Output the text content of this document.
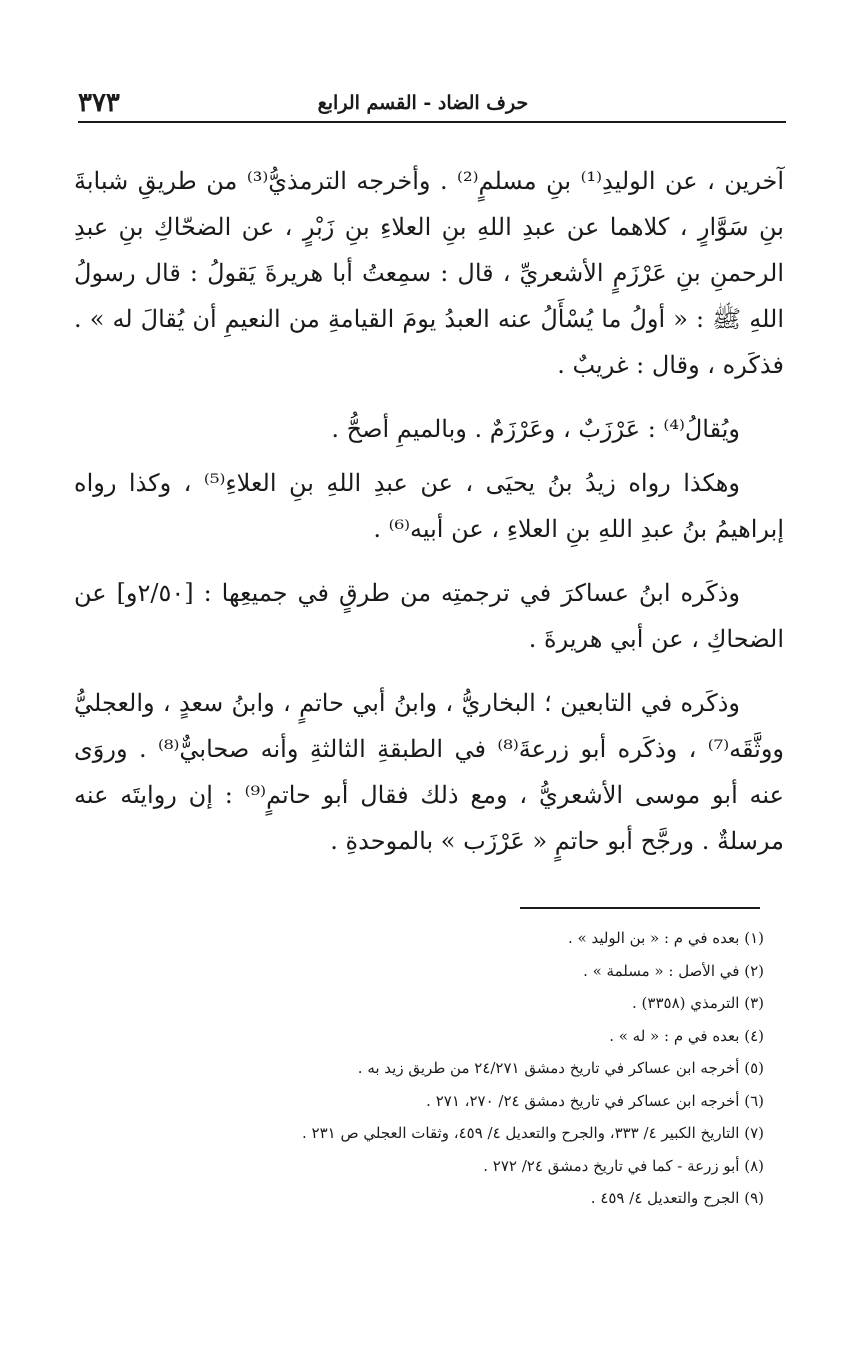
٣٧٣	حرف الضاد - القسم الرابع

آخرين ، عن الوليدِ⁽¹⁾ بنِ مسلمٍ⁽²⁾ . وأخرجه الترمذيُّ⁽³⁾ من طريقِ شبابةَ بنِ سَوَّارٍ ، كلاهما عن عبدِ اللهِ بنِ العلاءِ بنِ زَبْرٍ ، عن الضحّاكِ بنِ عبدِ الرحمنِ بنِ عَرْزَمٍ الأشعريِّ ، قال : سمِعتُ أبا هريرةَ يَقولُ : قال رسولُ اللهِ ﷺ : « أولُ ما يُسْأَلُ عنه العبدُ يومَ القيامةِ من النعيمِ أن يُقالَ له » . فذكَره ، وقال : غريبٌ .

ويُقالُ⁽⁴⁾ : عَرْزَبٌ ، وعَرْزَمٌ . وبالميمِ أصحُّ .

وهكذا رواه زيدُ بنُ يحيَى ، عن عبدِ اللهِ بنِ العلاءِ⁽⁵⁾ ، وكذا رواه إبراهيمُ بنُ عبدِ اللهِ بنِ العلاءِ ، عن أبيه⁽⁶⁾ .

وذكَره ابنُ عساكرَ في ترجمتِه من طرقٍ في جميعِها : [٢/٥٠و] عن الضحاكِ ، عن أبي هريرةَ .

وذكَره في التابعين ؛ البخاريُّ ، وابنُ أبي حاتمٍ ، وابنُ سعدٍ ، والعجليُّ ووثَّقَه⁽⁷⁾ ، وذكَره أبو زرعةَ⁽⁸⁾ في الطبقةِ الثالثةِ وأنه صحابيٌّ⁽⁸⁾ . وروَى عنه أبو موسى الأشعريُّ ، ومع ذلك فقال أبو حاتمٍ⁽⁹⁾ : إن روايتَه عنه مرسلةٌ . ورجَّح أبو حاتمٍ « عَرْزَب » بالموحدةِ .

(١) بعده في م : « بن الوليد » .
(٢) في الأصل : « مسلمة » .
(٣) الترمذي (٣٣٥٨) .
(٤) بعده في م : « له » .
(٥) أخرجه ابن عساكر في تاريخ دمشق ٢٤/٢٧١ من طريق زيد به .
(٦) أخرجه ابن عساكر في تاريخ دمشق ٢٤/ ٢٧٠، ٢٧١ .
(٧) التاريخ الكبير ٤/ ٣٣٣، والجرح والتعديل ٤/ ٤٥٩، وثقات العجلي ص ٢٣١ .
(٨) أبو زرعة - كما في تاريخ دمشق ٢٤/ ٢٧٢ .
(٩) الجرح والتعديل ٤/ ٤٥٩ .
